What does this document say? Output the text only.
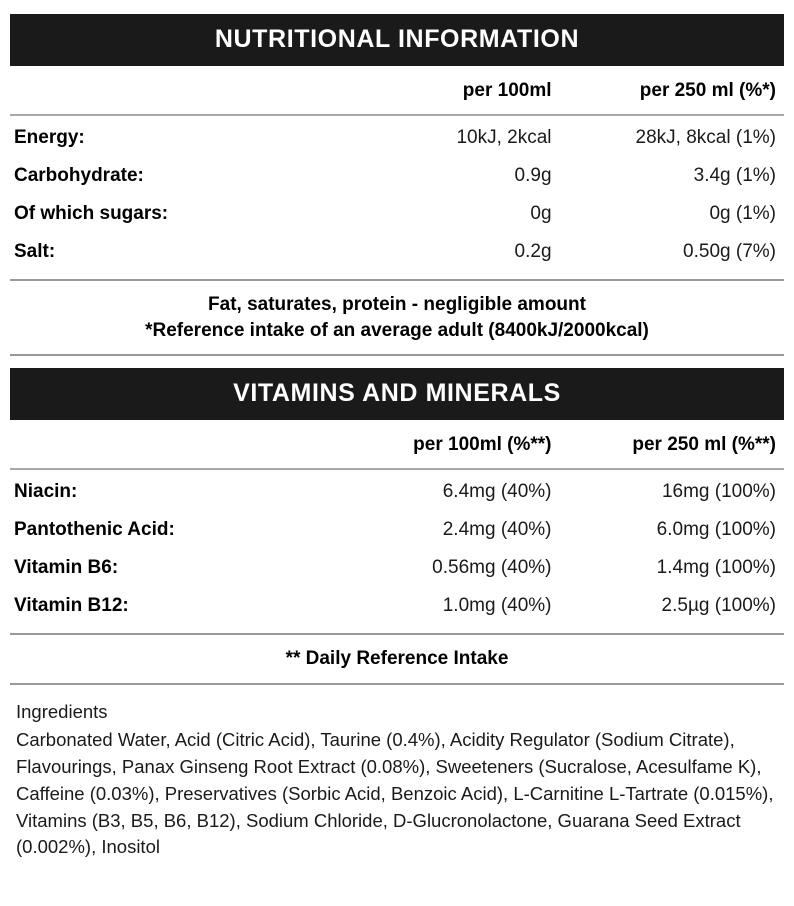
NUTRITIONAL INFORMATION
	per 100ml	per 250 ml (%*)
Energy:	10kJ, 2kcal	28kJ, 8kcal (1%)
Carbohydrate:	0.9g	3.4g (1%)
Of which sugars:	0g	0g (1%)
Salt:	0.2g	0.50g (7%)
Fat, saturates, protein - negligible amount
*Reference intake of an average adult (8400kJ/2000kcal)
VITAMINS AND MINERALS
	per 100ml (%**)	per 250 ml (%**)
Niacin:	6.4mg (40%)	16mg (100%)
Pantothenic Acid:	2.4mg (40%)	6.0mg (100%)
Vitamin B6:	0.56mg (40%)	1.4mg (100%)
Vitamin B12:	1.0mg (40%)	2.5µg (100%)
** Daily Reference Intake
Ingredients
Carbonated Water, Acid (Citric Acid), Taurine (0.4%), Acidity Regulator (Sodium Citrate), Flavourings, Panax Ginseng Root Extract (0.08%), Sweeteners (Sucralose, Acesulfame K), Caffeine (0.03%), Preservatives (Sorbic Acid, Benzoic Acid), L-Carnitine L-Tartrate (0.015%), Vitamins (B3, B5, B6, B12), Sodium Chloride, D-Glucronolactone, Guarana Seed Extract (0.002%), Inositol
